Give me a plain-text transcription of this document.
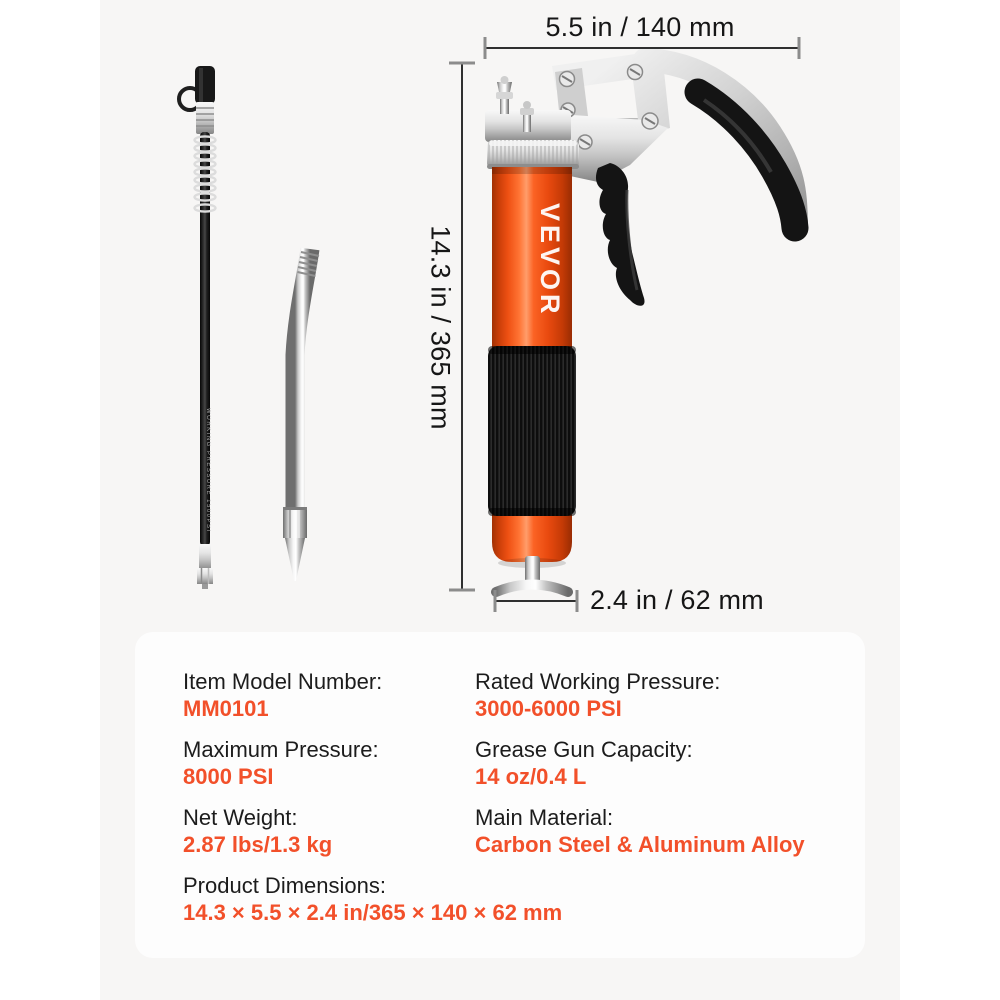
WORKING PRESSURE 1500PSI
VEVOR
5.5 in / 140 mm
14.3 in / 365 mm
2.4 in / 62 mm
Item Model Number:
MM0101
Maximum Pressure:
8000 PSI
Net Weight:
2.87 lbs/1.3 kg
Product Dimensions:
14.3 × 5.5 × 2.4 in/365 × 140 × 62 mm
Rated Working Pressure:
3000-6000 PSI
Grease Gun Capacity:
14 oz/0.4 L
Main Material:
Carbon Steel & Aluminum Alloy
